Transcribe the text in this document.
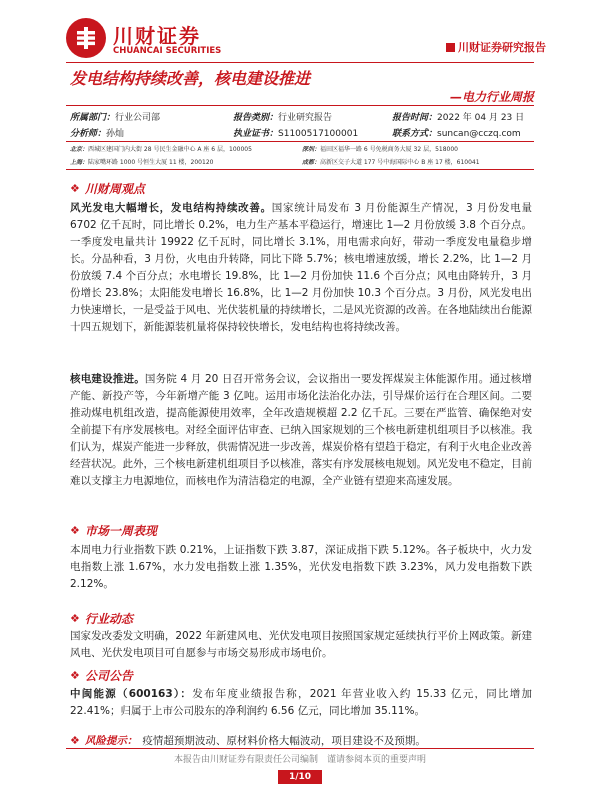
川财证券
CHUANCAI SECURITIES	川财证券研究报告
发电结构持续改善，核电建设推进
—电力行业周报
所属部门：行业公司部	报告类别：行业研究报告	报告时间：2022 年 04 月 23 日
分析师：孙灿	执业证书：S1100517100001	联系方式：suncan@cczq.com
北京：西城区建国门内大街 28 号民生金融中心 A 座 6 层，100005	深圳：福田区福华一路 6 号免税商务大厦 32 层，518000
上海：陆家嘴环路 1000 号恒生大厦 11 楼，200120	成都：高新区交子大道 177 号中海国际中心 B 座 17 楼，610041
❖ 川财周观点
风光发电大幅增长，发电结构持续改善。国家统计局发布 3 月份能源生产情况，3 月份发电量 6702 亿千瓦时，同比增长 0.2%，电力生产基本平稳运行，增速比 1—2 月份放缓 3.8 个百分点。一季度发电量共计 19922 亿千瓦时，同比增长 3.1%，用电需求向好，带动一季度发电量稳步增长。分品种看，3 月份，火电由升转降，同比下降 5.7%；核电增速放缓，增长 2.2%，比 1—2 月份放缓 7.4 个百分点；水电增长 19.8%，比 1—2 月份加快 11.6 个百分点；风电由降转升，3 月份增长 23.8%；太阳能发电增长 16.8%，比 1—2 月份加快 10.3 个百分点。3 月份，风光发电出力快速增长，一是受益于风电、光伏装机量的持续增长，二是风光资源的改善。在各地陆续出台能源十四五规划下，新能源装机量将保持较快增长，发电结构也将持续改善。
核电建设推进。国务院 4 月 20 日召开常务会议，会议指出一要发挥煤炭主体能源作用。通过核增产能、新投产等，今年新增产能 3 亿吨。运用市场化法治化办法，引导煤价运行在合理区间。二要推动煤电机组改造，提高能源使用效率，全年改造规模超 2.2 亿千瓦。三要在严监管、确保绝对安全前提下有序发展核电。对经全面评估审查、已纳入国家规划的三个核电新建机组项目予以核准。我们认为，煤炭产能进一步释放，供需情况进一步改善，煤炭价格有望趋于稳定，有利于火电企业改善经营状况。此外，三个核电新建机组项目予以核准，落实有序发展核电规划。风光发电不稳定，目前难以支撑主力电源地位，而核电作为清洁稳定的电源，全产业链有望迎来高速发展。
❖ 市场一周表现
本周电力行业指数下跌 0.21%，上证指数下跌 3.87，深证成指下跌 5.12%。各子板块中，火力发电指数上涨 1.67%，水力发电指数上涨 1.35%，光伏发电指数下跌 3.23%，风力发电指数下跌 2.12%。
❖ 行业动态
国家发改委发文明确，2022 年新建风电、光伏发电项目按照国家规定延续执行平价上网政策。新建风电、光伏发电项目可自愿参与市场交易形成市场电价。
❖ 公司公告
中闽能源（600163）：发布年度业绩报告称，2021 年营业收入约 15.33 亿元，同比增加 22.41%；归属于上市公司股东的净利润约 6.56 亿元，同比增加 35.11%。
❖ 风险提示： 疫情超预期波动、原材料价格大幅波动，项目建设不及预期。
本报告由川财证券有限责任公司编制　谨请参阅本页的重要声明
1/10
